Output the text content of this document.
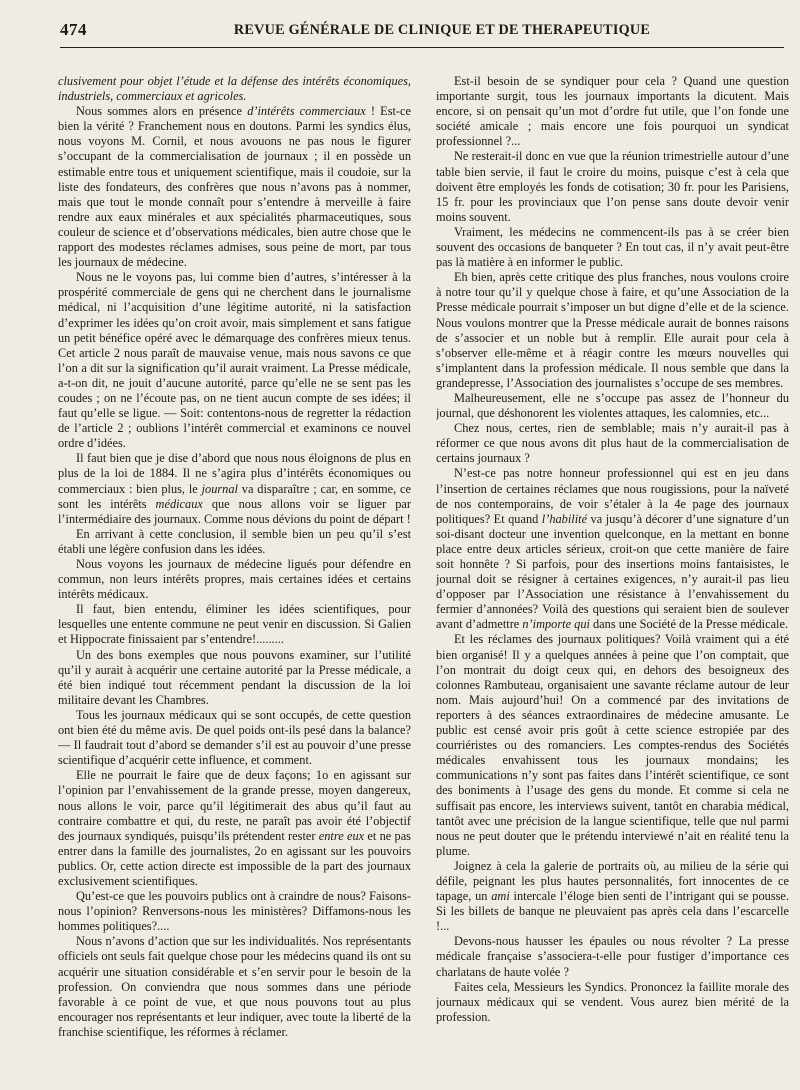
474	REVUE GÉNÉRALE DE CLINIQUE ET DE THERAPEUTIQUE

clusivement pour objet l’étude et la défense des intérêts économiques, industriels, commerciaux et agricoles.

Nous sommes alors en présence d’intérêts commerciaux ! Est-ce bien la vérité ? Franchement nous en doutons. Parmi les syndics élus, nous voyons M. Cornil, et nous avouons ne pas nous le figurer s’occupant de la commercialisation de journaux ; il en possède un estimable entre tous et uniquement scientifique, mais il coudoie, sur la liste des fondateurs, des confrères que nous n’avons pas à nommer, mais que tout le monde connaît pour s’entendre à merveille à faire rendre aux eaux minérales et aux spécialités pharmaceutiques, sous couleur de science et d’observations médicales, bien autre chose que le rapport des modestes réclames admises, sous peine de mort, par tous les journaux de médecine.

Nous ne le voyons pas, lui comme bien d’autres, s’intéresser à la prospérité commerciale de gens qui ne cherchent dans le journalisme médical, ni l’acquisition d’une légitime autorité, ni la satisfaction d’exprimer les idées qu’on croit avoir, mais simplement et sans fatigue un petit bénéfice opéré avec le démarquage des confrères mieux tenus. Cet article 2 nous paraît de mauvaise venue, mais nous savons ce que l’on a dit sur la signification qu’il aurait vraiment. La Presse médicale, a-t-on dit, ne jouit d’aucune autorité, parce qu’elle ne se sent pas les coudes ; on ne l’écoute pas, on ne tient aucun compte de ses idées; il faut qu’elle se ligue. — Soit: contentons-nous de regretter la rédaction de l’article 2 ; oublions l’intérêt commercial et examinons ce nouvel ordre d’idées.

Il faut bien que je dise d’abord que nous nous éloignons de plus en plus de la loi de 1884. Il ne s’agira plus d’intérêts économiques ou commerciaux : bien plus, le journal va disparaître ; car, en somme, ce sont les intérêts médicaux que nous allons voir se liguer par l’intermédiaire des journaux. Comme nous dévions du point de départ !

En arrivant à cette conclusion, il semble bien un peu qu’il s’est établi une légère confusion dans les idées.

Nous voyons les journaux de médecine ligués pour défendre en commun, non leurs intérêts propres, mais certaines idées et certains intérêts médicaux.

Il faut, bien entendu, éliminer les idées scientifiques, pour lesquelles une entente commune ne peut venir en discussion. Si Galien et Hippocrate finissaient par s’entendre!.........

Un des bons exemples que nous pouvons examiner, sur l’utilité qu’il y aurait à acquérir une certaine autorité par la Presse médicale, a été bien indiqué tout récemment pendant la discussion de la loi militaire devant les Chambres.

Tous les journaux médicaux qui se sont occupés, de cette question ont bien été du même avis. De quel poids ont-ils pesé dans la balance? — Il faudrait tout d’abord se demander s’il est au pouvoir d’une presse scientifique d’acquérir cette influence, et comment.

Elle ne pourrait le faire que de deux façons; 1o en agissant sur l’opinion par l’envahissement de la grande presse, moyen dangereux, nous allons le voir, parce qu’il légitimerait des abus qu’il faut au contraire combattre et qui, du reste, ne paraît pas avoir été l’objectif des journaux syndiqués, puisqu’ils prétendent rester entre eux et ne pas entrer dans la famille des journalistes, 2o en agissant sur les pouvoirs publics. Or, cette action directe est impossible de la part des journaux exclusivement scientifiques.

Qu’est-ce que les pouvoirs publics ont à craindre de nous? Faisons-nous l’opinion? Renversons-nous les ministères? Diffamons-nous les hommes politiques?....

Nous n’avons d’action que sur les individualités. Nos représentants officiels ont seuls fait quelque chose pour les médecins quand ils ont su acquérir une situation considérable et s’en servir pour le besoin de la profession. On conviendra que nous sommes dans une période favorable à ce point de vue, et que nous pouvons tout au plus encourager nos représentants et leur indiquer, avec toute la liberté de la franchise scientifique, les réformes à réclamer.

Est-il besoin de se syndiquer pour cela ? Quand une question importante surgit, tous les journaux importants la dicutent. Mais encore, si on pensait qu’un mot d’ordre fut utile, que l’on fonde une société amicale ; mais encore une fois pourquoi un syndicat professionnel ?...

Ne resterait-il donc en vue que la réunion trimestrielle autour d’une table bien servie, il faut le croire du moins, puisque c’est à cela que doivent être employés les fonds de cotisation; 30 fr. pour les Parisiens, 15 fr. pour les provinciaux que l’on pense sans doute devoir venir moins souvent.

Vraiment, les médecins ne commencent-ils pas à se créer bien souvent des occasions de banqueter ? En tout cas, il n’y avait peut-être pas là matière à en informer le public.

Eh bien, après cette critique des plus franches, nous voulons croire à notre tour qu’il y quelque chose à faire, et qu’une Association de la Presse médicale pourrait s’imposer un but digne d’elle et de la science. Nous voulons montrer que la Presse médicale aurait de bonnes raisons de s’associer et un noble but à remplir. Elle aurait pour cela à s’observer elle-même et à réagir contre les mœurs nouvelles qui s’implantent dans la profession médicale. Il nous semble que dans la grandepresse, l’Association des journalistes s’occupe de ses membres.

Malheureusement, elle ne s’occupe pas assez de l’honneur du journal, que déshonorent les violentes attaques, les calomnies, etc...

Chez nous, certes, rien de semblable; mais n’y aurait-il pas à réformer ce que nous avons dit plus haut de la commercialisation de certains journaux ?

N’est-ce pas notre honneur professionnel qui est en jeu dans l’insertion de certaines réclames que nous rougissions, pour la naïveté de nos contemporains, de voir s’étaler à la 4e page des journaux politiques? Et quand l’habilité va jusqu’à décorer d’une signature d’un soi-disant docteur une invention quelconque, en la mettant en bonne place entre deux articles sérieux, croit-on que cette manière de faire soit honnête ? Si parfois, pour des insertions moins fantaisistes, le journal doit se résigner à certaines exigences, n’y aurait-il pas lieu d’opposer par l’Association une résistance à l’envahissement du fermier d’annonées? Voilà des questions qui seraient bien de soulever avant d’admettre n’importe qui dans une Société de la Presse médicale.

Et les réclames des journaux politiques? Voilà vraiment qui a été bien organisé! Il y a quelques années à peine que l’on comptait, que l’on montrait du doigt ceux qui, en dehors des besoigneux des colonnes Rambuteau, organisaient une savante réclame autour de leur nom. Mais aujourd’hui! On a commencé par des invitations de reporters à des séances extraordinaires de médecine amusante. Le public est censé avoir pris goût à cette science estropiée par des courriéristes ou des romanciers. Les comptes-rendus des Sociétés médicales envahissent tous les journaux mondains; les communications n’y sont pas faites dans l’intérêt scientifique, ce sont des boniments à l’usage des gens du monde. Et comme si cela ne suffisait pas encore, les interviews suivent, tantôt en charabia médical, tantôt avec une précision de la langue scientifique, telle que nul parmi nous ne peut douter que le prétendu interviewé n’ait en réalité tenu la plume.

Joignez à cela la galerie de portraits où, au milieu de la série qui défile, peignant les plus hautes personnalités, fort innocentes de ce tapage, un ami intercale l’éloge bien senti de l’intrigant qui se pousse. Si les billets de banque ne pleuvaient pas après cela dans l’escarcelle !...

Devons-nous hausser les épaules ou nous révolter ? La presse médicale française s’associera-t-elle pour fustiger d’importance ces charlatans de haute volée ?

Faites cela, Messieurs les Syndics. Prononcez la faillite morale des journaux médicaux qui se vendent. Vous aurez bien mérité de la profession.
